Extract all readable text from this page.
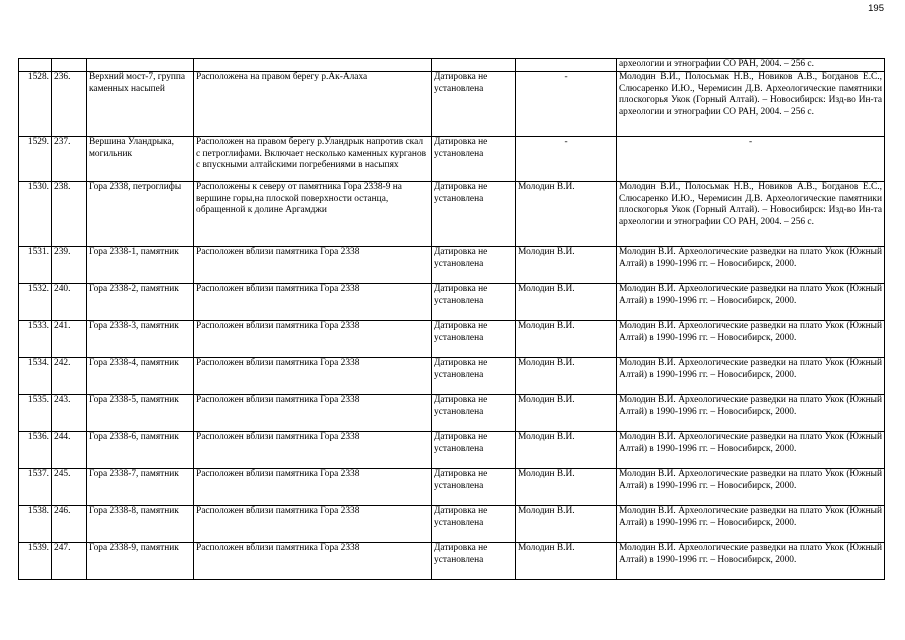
195
						археологии и этнографии СО РАН, 2004. – 256 с.
1528.	236.	Верхний мост-7, группа каменных насыпей	Расположена на правом берегу р.Ак-Алаха	Датировка не установлена	-	Молодин В.И., Полосьмак Н.В., Новиков А.В., Богданов Е.С., Слюсаренко И.Ю., Черемисин Д.В. Археологические памятники плоскогорья Укок (Горный Алтай). – Новосибирск: Изд-во Ин-та археологии и этнографии СО РАН, 2004. – 256 с.
1529.	237.	Вершина Уландрыка, могильник	Расположен на правом берегу р.Уландрык напротив скал с петроглифами. Включает несколько каменных курганов с впускными алтайскими погребениями в насыпях	Датировка не установлена	-	-
1530.	238.	Гора 2338, петроглифы	Расположены к северу от памятника Гора 2338-9 на вершине горы,на плоской поверхности останца, обращенной к долине Аргамджи	Датировка не установлена	Молодин В.И.	Молодин В.И., Полосьмак Н.В., Новиков А.В., Богданов Е.С., Слюсаренко И.Ю., Черемисин Д.В. Археологические памятники плоскогорья Укок (Горный Алтай). – Новосибирск: Изд-во Ин-та археологии и этнографии СО РАН, 2004. – 256 с.
1531.	239.	Гора 2338-1, памятник	Расположен вблизи памятника Гора 2338	Датировка не установлена	Молодин В.И.	Молодин В.И. Археологические разведки на плато Укок (Южный Алтай) в 1990-1996 гг. – Новосибирск, 2000.
1532.	240.	Гора 2338-2, памятник	Расположен вблизи памятника Гора 2338	Датировка не установлена	Молодин В.И.	Молодин В.И. Археологические разведки на плато Укок (Южный Алтай) в 1990-1996 гг. – Новосибирск, 2000.
1533.	241.	Гора 2338-3, памятник	Расположен вблизи памятника Гора 2338	Датировка не установлена	Молодин В.И.	Молодин В.И. Археологические разведки на плато Укок (Южный Алтай) в 1990-1996 гг. – Новосибирск, 2000.
1534.	242.	Гора 2338-4, памятник	Расположен вблизи памятника Гора 2338	Датировка не установлена	Молодин В.И.	Молодин В.И. Археологические разведки на плато Укок (Южный Алтай) в 1990-1996 гг. – Новосибирск, 2000.
1535.	243.	Гора 2338-5, памятник	Расположен вблизи памятника Гора 2338	Датировка не установлена	Молодин В.И.	Молодин В.И. Археологические разведки на плато Укок (Южный Алтай) в 1990-1996 гг. – Новосибирск, 2000.
1536.	244.	Гора 2338-6, памятник	Расположен вблизи памятника Гора 2338	Датировка не установлена	Молодин В.И.	Молодин В.И. Археологические разведки на плато Укок (Южный Алтай) в 1990-1996 гг. – Новосибирск, 2000.
1537.	245.	Гора 2338-7, памятник	Расположен вблизи памятника Гора 2338	Датировка не установлена	Молодин В.И.	Молодин В.И. Археологические разведки на плато Укок (Южный Алтай) в 1990-1996 гг. – Новосибирск, 2000.
1538.	246.	Гора 2338-8, памятник	Расположен вблизи памятника Гора 2338	Датировка не установлена	Молодин В.И.	Молодин В.И. Археологические разведки на плато Укок (Южный Алтай) в 1990-1996 гг. – Новосибирск, 2000.
1539.	247.	Гора 2338-9, памятник	Расположен вблизи памятника Гора 2338	Датировка не установлена	Молодин В.И.	Молодин В.И. Археологические разведки на плато Укок (Южный Алтай) в 1990-1996 гг. – Новосибирск, 2000.
